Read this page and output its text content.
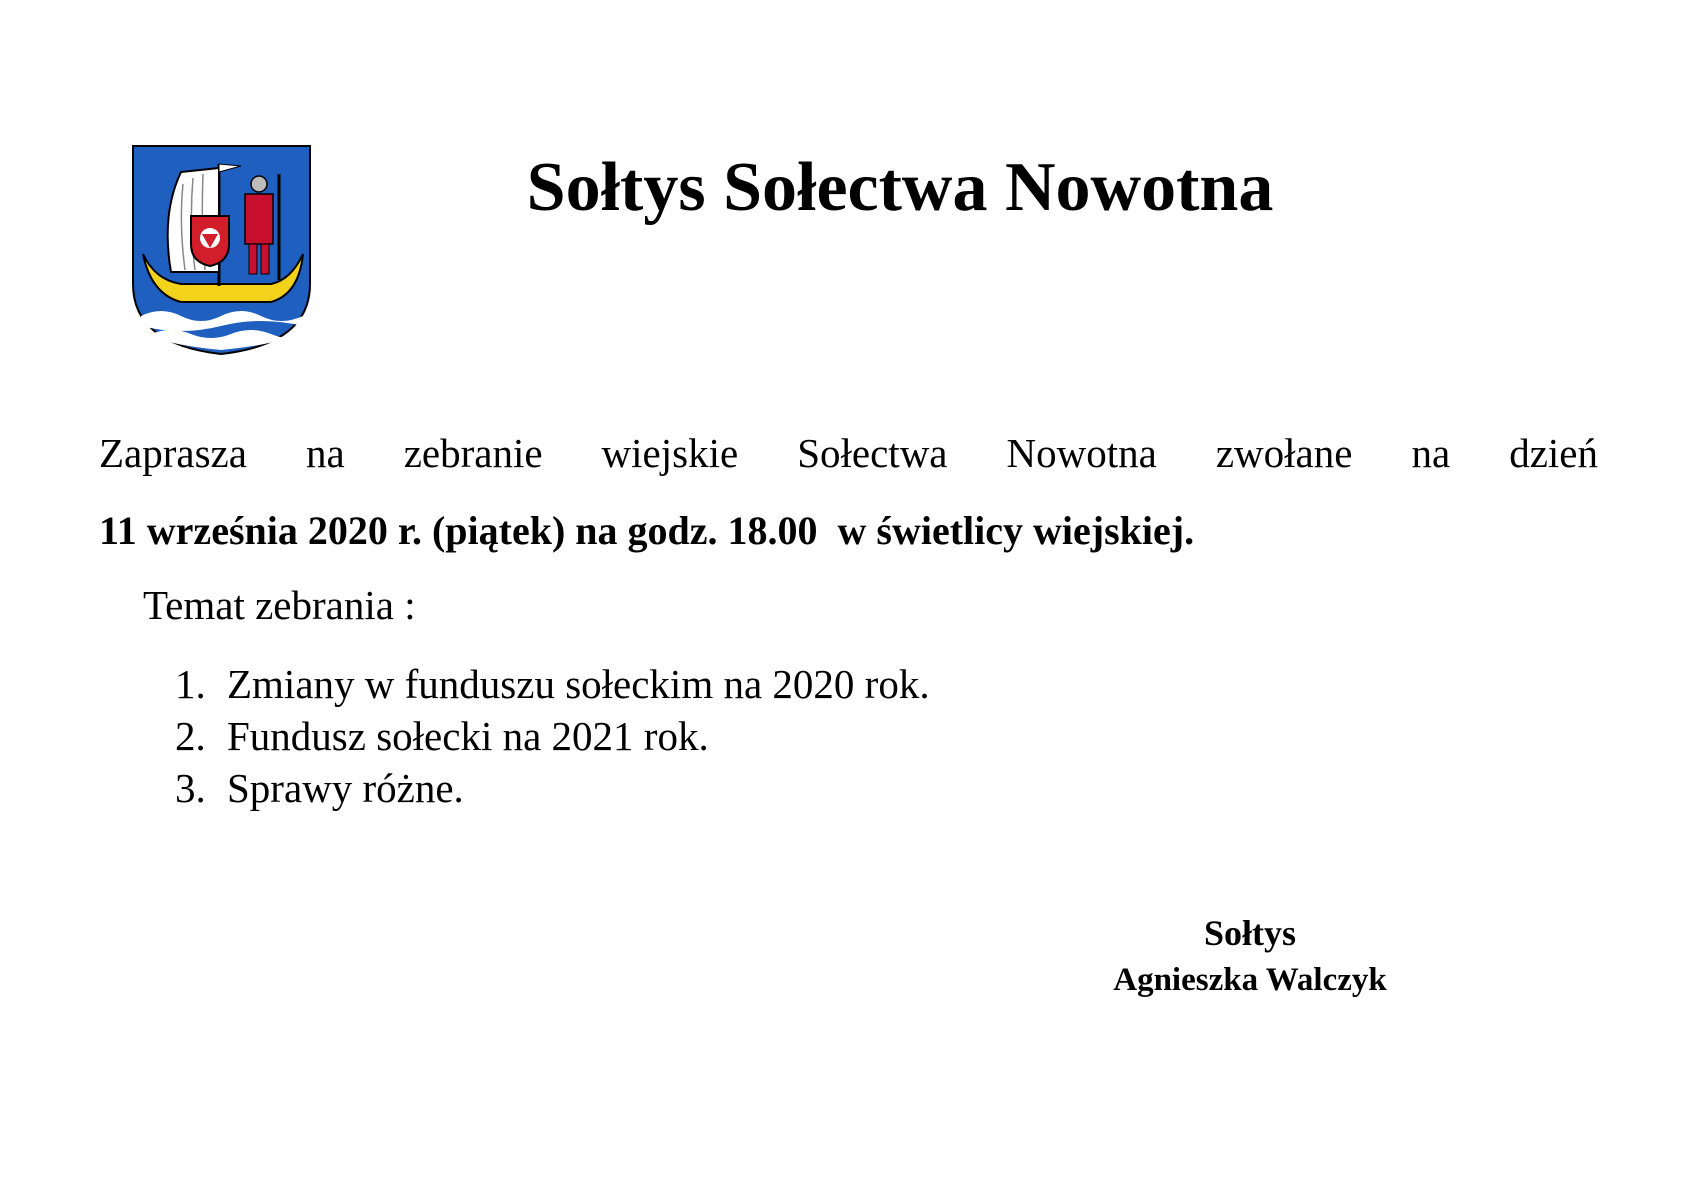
Sołtys Sołectwa Nowotna

Zaprasza na zebranie wiejskie Sołectwa Nowotna zwołane na dzień

11 września 2020 r. (piątek) na godz. 18.00  w świetlicy wiejskiej.

Temat zebrania :

1. Zmiany w funduszu sołeckim na 2020 rok.
2. Fundusz sołecki na 2021 rok.
3. Sprawy różne.
Sołtys
Agnieszka Walczyk
